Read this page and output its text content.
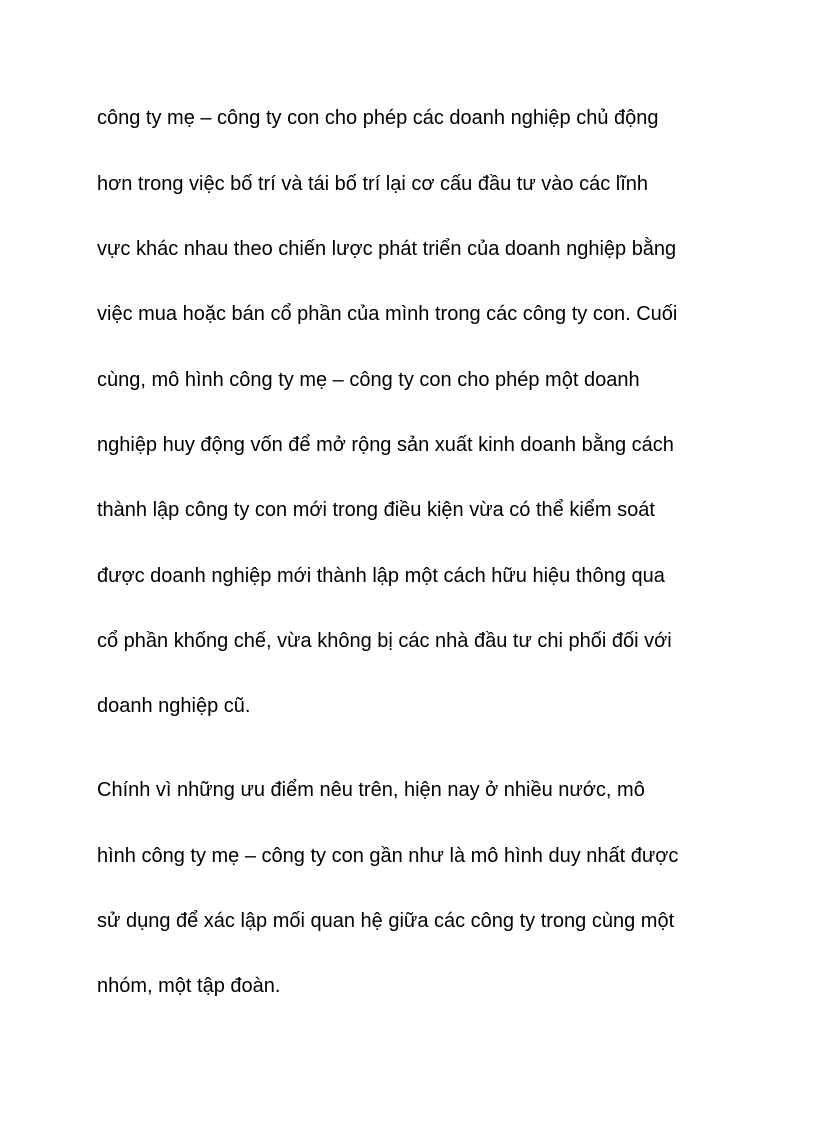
công ty mẹ – công ty con cho phép các doanh nghiệp chủ động

hơn trong việc bố trí và tái bố trí lại cơ cấu đầu tư vào các lĩnh

vực khác nhau theo chiến lược phát triển của doanh nghiệp bằng

việc mua hoặc bán cổ phần của mình trong các công ty con. Cuối

cùng, mô hình công ty mẹ – công ty con cho phép một doanh

nghiệp huy động vốn để mở rộng sản xuất kinh doanh bằng cách

thành lập công ty con mới trong điều kiện vừa có thể kiểm soát

được doanh nghiệp mới thành lập một cách hữu hiệu thông qua

cổ phần khống chế, vừa không bị các nhà đầu tư chi phối đối với

doanh nghiệp cũ.

Chính vì những ưu điểm nêu trên, hiện nay ở nhiều nước, mô

hình công ty mẹ – công ty con gần như là mô hình duy nhất được

sử dụng để xác lập mối quan hệ giữa các công ty trong cùng một

nhóm, một tập đoàn.
